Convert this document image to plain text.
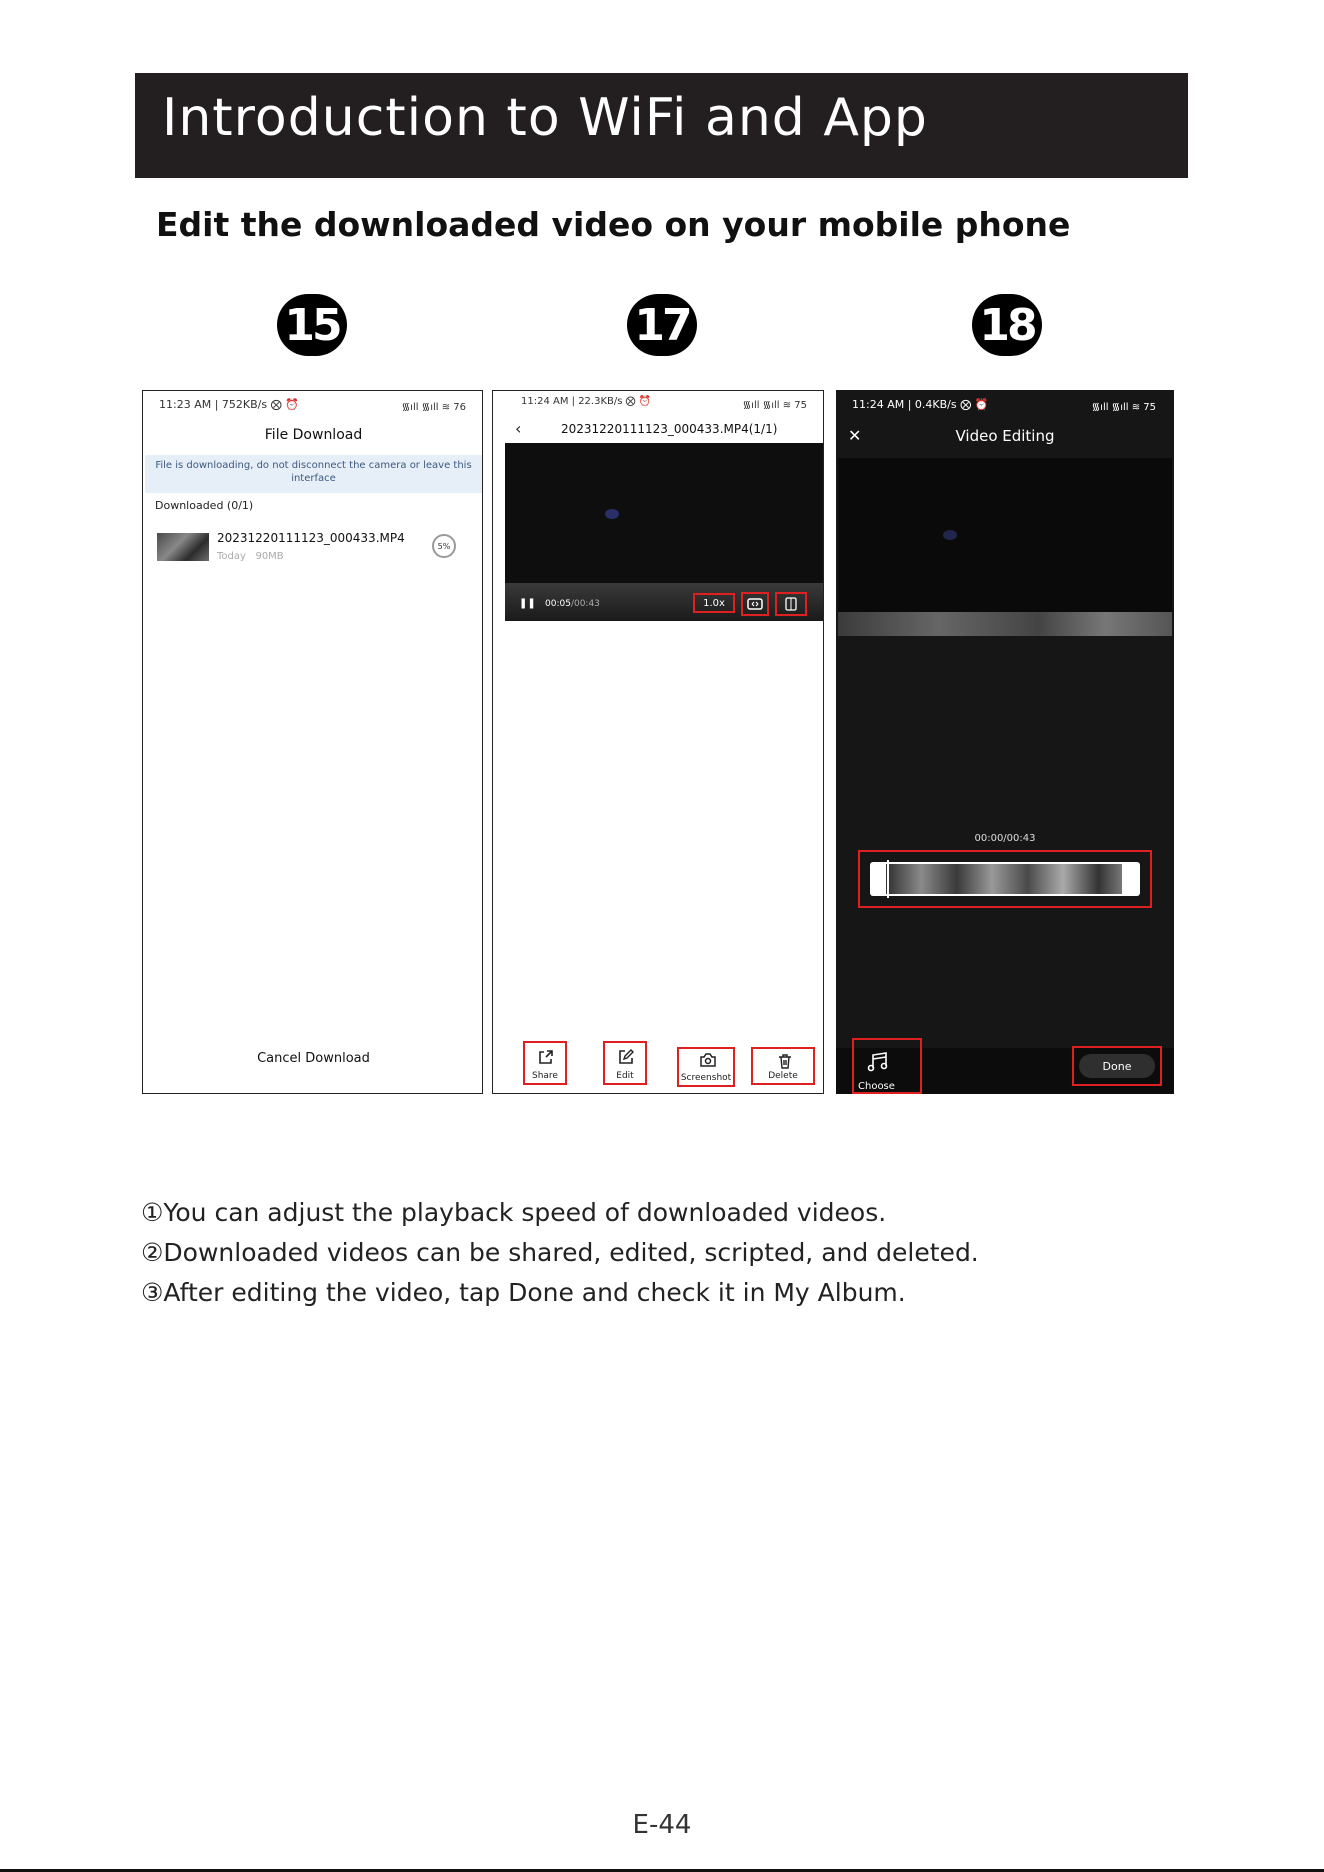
Introduction to WiFi and App
Edit the downloaded video on your mobile phone
15	17	18
11:23 AM | 752KB/s ⨂ ⏰	᯾ıll ᯾ıll ≋ 76
File Download
File is downloading, do not disconnect the camera or leave this interface
Downloaded (0/1)
20231220111123_000433.MP4
Today   90MB
5%
Cancel Download
11:24 AM | 22.3KB/s ⨂ ⏰	᯾ıll ᯾ıll ≋ 75
‹	20231220111123_000433.MP4(1/1)
❚❚ 00:05/00:43	1.0x
Share	Edit	Screenshot	Delete
11:24 AM | 0.4KB/s ⨂ ⏰	᯾ıll ᯾ıll ≋ 75
✕	Video Editing
00:00/00:43
Choose
Done
①You can adjust the playback speed of downloaded videos.
②Downloaded videos can be shared, edited, scripted, and deleted.
③After editing the video, tap Done and check it in My Album.
E-44
